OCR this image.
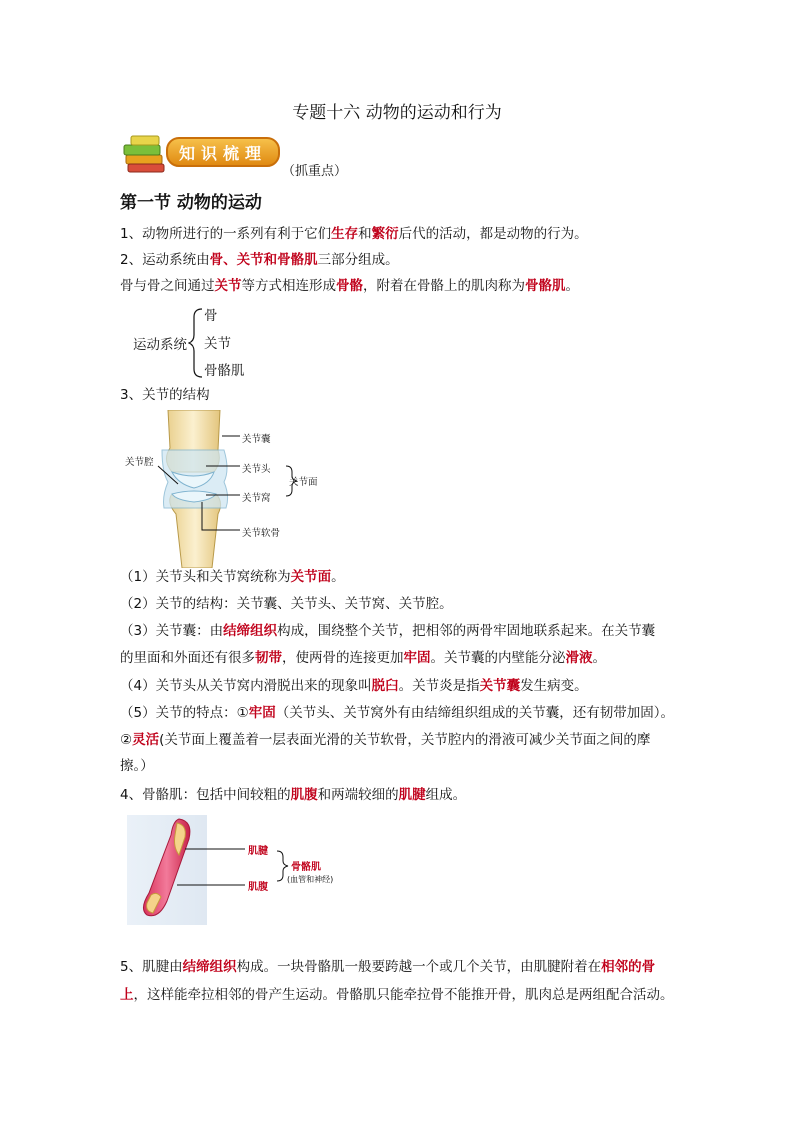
专题十六 动物的运动和行为
知识梳理
（抓重点）
第一节 动物的运动
1、动物所进行的一系列有利于它们生存和繁衍后代的活动，都是动物的行为。
2、运动系统由骨、关节和骨骼肌三部分组成。
骨与骨之间通过关节等方式相连形成骨骼，附着在骨骼上的肌肉称为骨骼肌。
运动系统
骨
关节
骨骼肌
3、关节的结构
关节腔
关节囊
关节头
关节窝
关节软骨
关节面
（1）关节头和关节窝统称为关节面。
（2）关节的结构：关节囊、关节头、关节窝、关节腔。
（3）关节囊：由结缔组织构成，围绕整个关节，把相邻的两骨牢固地联系起来。在关节囊
的里面和外面还有很多韧带，使两骨的连接更加牢固。关节囊的内壁能分泌滑液。
（4）关节头从关节窝内滑脱出来的现象叫脱臼。关节炎是指关节囊发生病变。
（5）关节的特点：①牢固（关节头、关节窝外有由结缔组织组成的关节囊，还有韧带加固）。
②灵活(关节面上覆盖着一层表面光滑的关节软骨，关节腔内的滑液可减少关节面之间的摩
擦。）
4、骨骼肌：包括中间较粗的肌腹和两端较细的肌腱组成。
肌腱
肌腹
骨骼肌
(血管和神经)
5、肌腱由结缔组织构成。一块骨骼肌一般要跨越一个或几个关节，由肌腱附着在相邻的骨
上，这样能牵拉相邻的骨产生运动。骨骼肌只能牵拉骨不能推开骨，肌肉总是两组配合活动。
